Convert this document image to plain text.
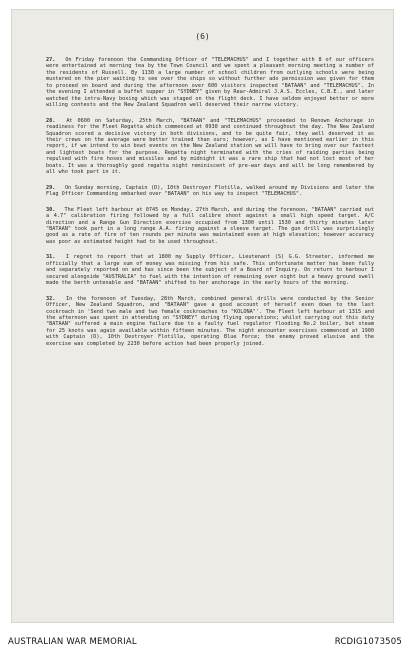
(6)

27. On Friday forenoon the Commanding Officer of "TELEMACHUS" and I together with 8 of our officers were entertained at morning tea by the Town Council and we spent a pleasant morning meeting a number of the residents of Russell. By 1130 a large number of school children from outlying schools were being mustered on the pier waiting to see over the ships so without further ado permission was given for them to proceed on board and during the afternoon over 600 visitors inspected "BATAAN" and "TELEMACHUS". In the evening I attended a buffet supper in "SYDNEY" given by Rear-Admiral J.A.S. Eccles, C.B.E., and later watched the intra-Navy boxing which was staged on the flight deck. I have seldom enjoyed better or more willing contests and the New Zealand Squadron well deserved their narrow victory.

28. At 0600 on Saturday, 25th March, "BATAAN" and "TELEMACHUS" proceeded to Renown Anchorage in readiness for the Fleet Regatta which commenced at 0930 and continued throughout the day. The New Zealand Squadron scored a decisive victory in both divisions, and to be quite fair, they well deserved it as their crews on the average were better trained than ours; however, as I have mentioned earlier in this report, if we intend to win boat events on the New Zealand station we will have to bring over our fastest and lightest boats for the purpose. Regatta night terminated with the cries of raiding parties being repulsed with fire hoses and missiles and by midnight it was a rare ship that had not lost most of her boats. It was a thoroughly good regatta night reminiscent of pre-war days and will be long remembered by all who took part in it.

29. On Sunday morning, Captain (D), 10th Destroyer Flotilla, walked around my Divisions and later the Flag Officer Commanding embarked over "BATAAN" on his way to inspect "TELEMACHUS".

30. The Fleet left harbour at 0745 on Monday, 27th March, and during the forenoon, "BATAAN" carried out a 4.7" calibration firing followed by a full calibre shoot against a small high speed target. A/C direction and a Range Gun Direction exercise occupied from 1300 until 1530 and thirty minutes later "BATAAN" took part in a long range A.A. firing against a sleeve target. The gun drill was surprisingly good as a rate of fire of ten rounds per minute was maintained even at high elevation; however accuracy was poor as estimated height had to be used throughout.

31. I regret to report that at 1800 my Supply Officer, Lieutenant (S) G.G. Streeter, informed me officially that a large sum of money was missing from his safe. This unfortunate matter has been fully and separately reported on and has since been the subject of a Board of Inquiry. On return to harbour I secured alongside "AUSTRALIA" to fuel with the intention of remaining over night but a heavy ground swell made the berth untenable and "BATAAN" shifted to her anchorage in the early hours of the morning.

32. In the forenoon of Tuesday, 28th March, combined general drills were conducted by the Senior Officer, New Zealand Squadron, and "BATAAN" gave a good account of herself even down to the last cockroach in 'Send two male and two female cockroaches to "KOLONA"'. The Fleet left harbour at 1315 and the afternoon was spent in attending on "SYDNEY" during flying operations; whilst carrying out this duty "BATAAN" suffered a main engine failure due to a faulty fuel regulator flooding No.2 boiler, but steam for 25 knots was again available within fifteen minutes. The night encounter exercises commenced at 1900 with Captain (D), 10th Destroyer Flotilla, operating Blue Force; the enemy proved elusive and the exercise was completed by 2230 before action had been properly joined.

AUSTRALIAN WAR MEMORIAL	RCDIG1073505
